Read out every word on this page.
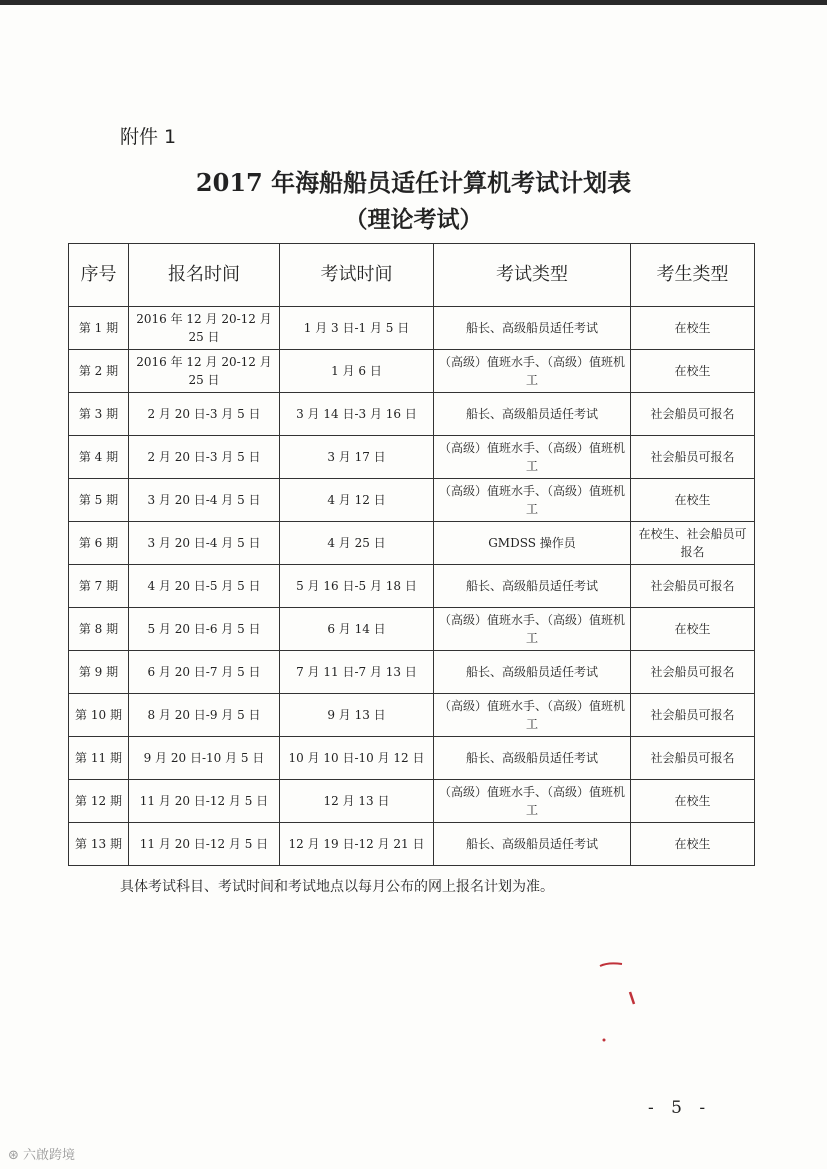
附件 1
2017 年海船船员适任计算机考试计划表
（理论考试）
序号	报名时间	考试时间	考试类型	考生类型
第 1 期	2016 年 12 月 20-12 月 25 日	1 月 3 日-1 月 5 日	船长、高级船员适任考试	在校生
第 2 期	2016 年 12 月 20-12 月 25 日	1 月 6 日	（高级）值班水手、（高级）值班机工	在校生
第 3 期	2 月 20 日-3 月 5 日	3 月 14 日-3 月 16 日	船长、高级船员适任考试	社会船员可报名
第 4 期	2 月 20 日-3 月 5 日	3 月 17 日	（高级）值班水手、（高级）值班机工	社会船员可报名
第 5 期	3 月 20 日-4 月 5 日	4 月 12 日	（高级）值班水手、（高级）值班机工	在校生
第 6 期	3 月 20 日-4 月 5 日	4 月 25 日	GMDSS 操作员	在校生、社会船员可报名
第 7 期	4 月 20 日-5 月 5 日	5 月 16 日-5 月 18 日	船长、高级船员适任考试	社会船员可报名
第 8 期	5 月 20 日-6 月 5 日	6 月 14 日	（高级）值班水手、（高级）值班机工	在校生
第 9 期	6 月 20 日-7 月 5 日	7 月 11 日-7 月 13 日	船长、高级船员适任考试	社会船员可报名
第 10 期	8 月 20 日-9 月 5 日	9 月 13 日	（高级）值班水手、（高级）值班机工	社会船员可报名
第 11 期	9 月 20 日-10 月 5 日	10 月 10 日-10 月 12 日	船长、高级船员适任考试	社会船员可报名
第 12 期	11 月 20 日-12 月 5 日	12 月 13 日	（高级）值班水手、（高级）值班机工	在校生
第 13 期	11 月 20 日-12 月 5 日	12 月 19 日-12 月 21 日	船长、高级船员适任考试	在校生
具体考试科目、考试时间和考试地点以每月公布的网上报名计划为准。
- 5 -
⊛ 六啟跨境
